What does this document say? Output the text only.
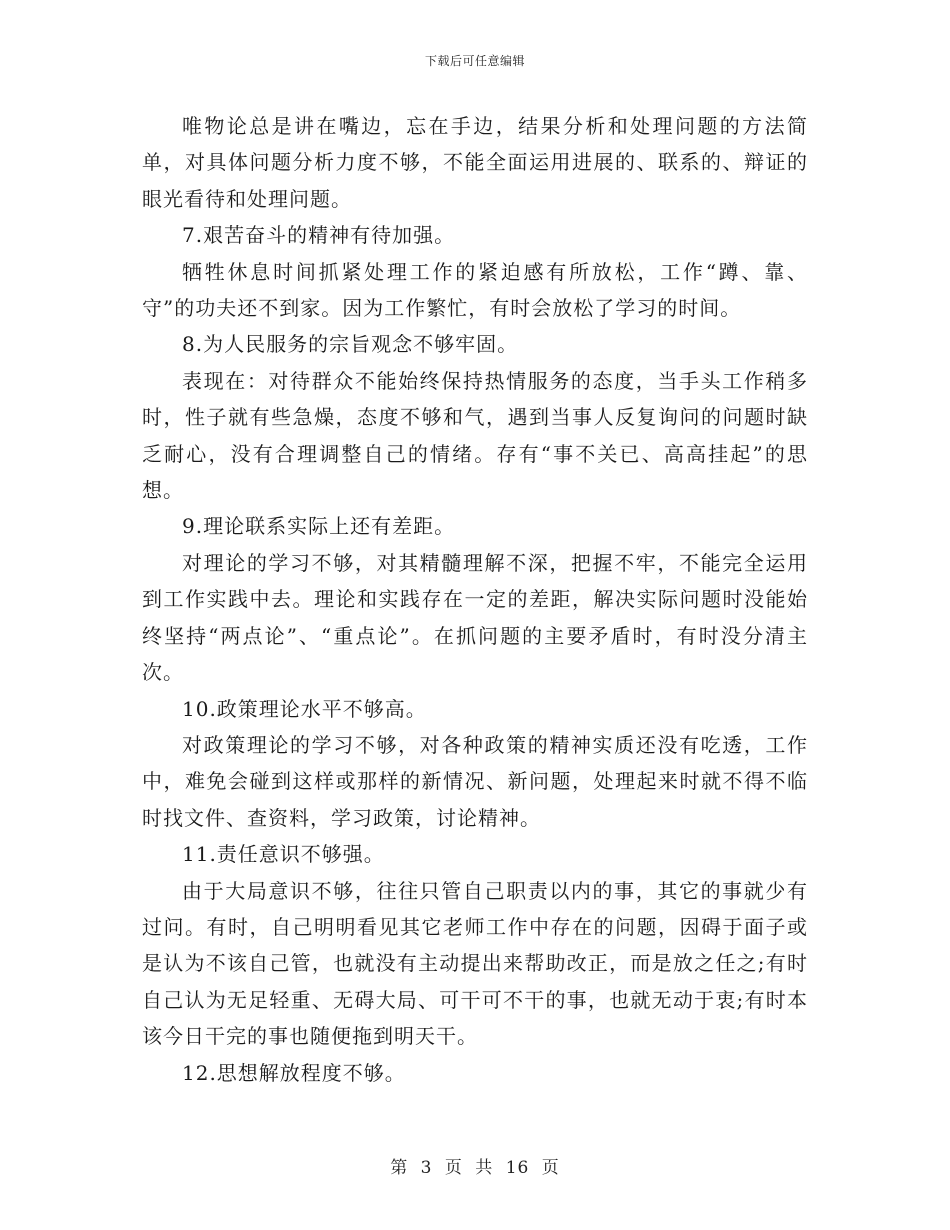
下载后可任意编辑

唯物论总是讲在嘴边，忘在手边，结果分析和处理问题的方法简单，对具体问题分析力度不够，不能全面运用进展的、联系的、辩证的眼光看待和处理问题。

7.艰苦奋斗的精神有待加强。

牺牲休息时间抓紧处理工作的紧迫感有所放松，工作“蹲、靠、守”的功夫还不到家。因为工作繁忙，有时会放松了学习的时间。

8.为人民服务的宗旨观念不够牢固。

表现在：对待群众不能始终保持热情服务的态度，当手头工作稍多时，性子就有些急燥，态度不够和气，遇到当事人反复询问的问题时缺乏耐心，没有合理调整自己的情绪。存有“事不关已、高高挂起”的思想。

9.理论联系实际上还有差距。

对理论的学习不够，对其精髓理解不深，把握不牢，不能完全运用到工作实践中去。理论和实践存在一定的差距，解决实际问题时没能始终坚持“两点论”、“重点论”。在抓问题的主要矛盾时，有时没分清主次。

10.政策理论水平不够高。

对政策理论的学习不够，对各种政策的精神实质还没有吃透，工作中，难免会碰到这样或那样的新情况、新问题，处理起来时就不得不临时找文件、查资料，学习政策，讨论精神。

11.责任意识不够强。

由于大局意识不够，往往只管自己职责以内的事，其它的事就少有过问。有时，自己明明看见其它老师工作中存在的问题，因碍于面子或是认为不该自己管，也就没有主动提出来帮助改正，而是放之任之;有时自己认为无足轻重、无碍大局、可干可不干的事，也就无动于衷;有时本该今日干完的事也随便拖到明天干。

12.思想解放程度不够。

第 3 页 共 16 页
